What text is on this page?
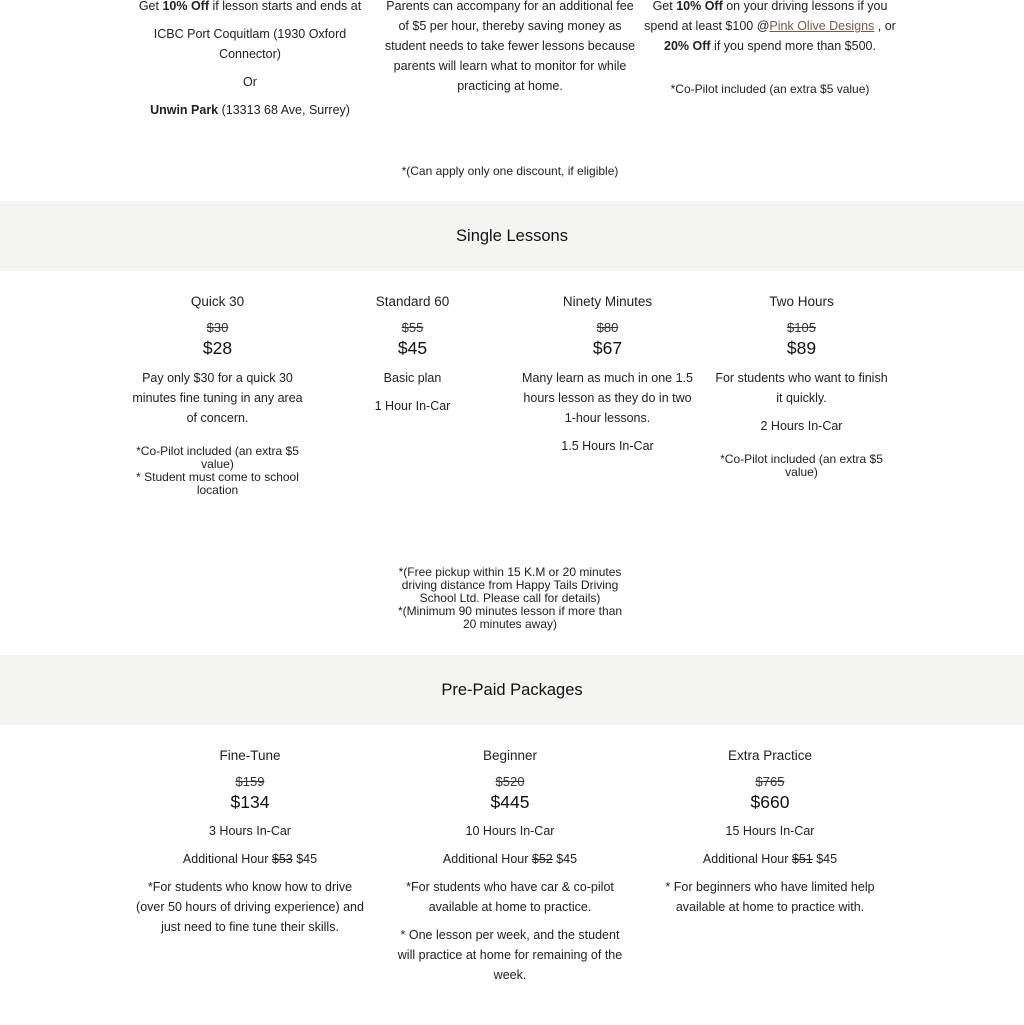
Get 10% Off if lesson starts and ends at

ICBC Port Coquitlam (1930 Oxford

Connector)

Or

Unwin Park (13313 68 Ave, Surrey)

Parents can accompany for an additional fee

of $5 per hour, thereby saving money as

student needs to take fewer lessons because

parents will learn what to monitor for while

practicing at home.

Get 10% Off on your driving lessons if you

spend at least $100 @Pink Olive Designs , or

20% Off if you spend more than $500.

*Co-Pilot included (an extra $5 value)

*(Can apply only one discount, if eligible)

Single Lessons

Quick 30

$30

$28

Pay only $30 for a quick 30

minutes fine tuning in any area

of concern.

*Co-Pilot included (an extra $5

value)

* Student must come to school

location

Standard 60

$55

$45

Basic plan

1 Hour In-Car

Ninety Minutes

$80

$67

Many learn as much in one 1.5

hours lesson as they do in two

1-hour lessons.

1.5 Hours In-Car

Two Hours

$105

$89

For students who want to finish

it quickly.

2 Hours In-Car

*Co-Pilot included (an extra $5

value)

*(Free pickup within 15 K.M or 20 minutes

driving distance from Happy Tails Driving

School Ltd. Please call for details)

*(Minimum 90 minutes lesson if more than

20 minutes away)

Pre-Paid Packages

Fine-Tune

$159

$134

3 Hours In-Car

Additional Hour $53 $45

*For students who know how to drive

(over 50 hours of driving experience) and

just need to fine tune their skills.

Beginner

$520

$445

10 Hours In-Car

Additional Hour $52 $45

*For students who have car & co-pilot

available at home to practice.

* One lesson per week, and the student

will practice at home for remaining of the

week.

Extra Practice

$765

$660

15 Hours In-Car

Additional Hour $51 $45

* For beginners who have limited help

available at home to practice with.
